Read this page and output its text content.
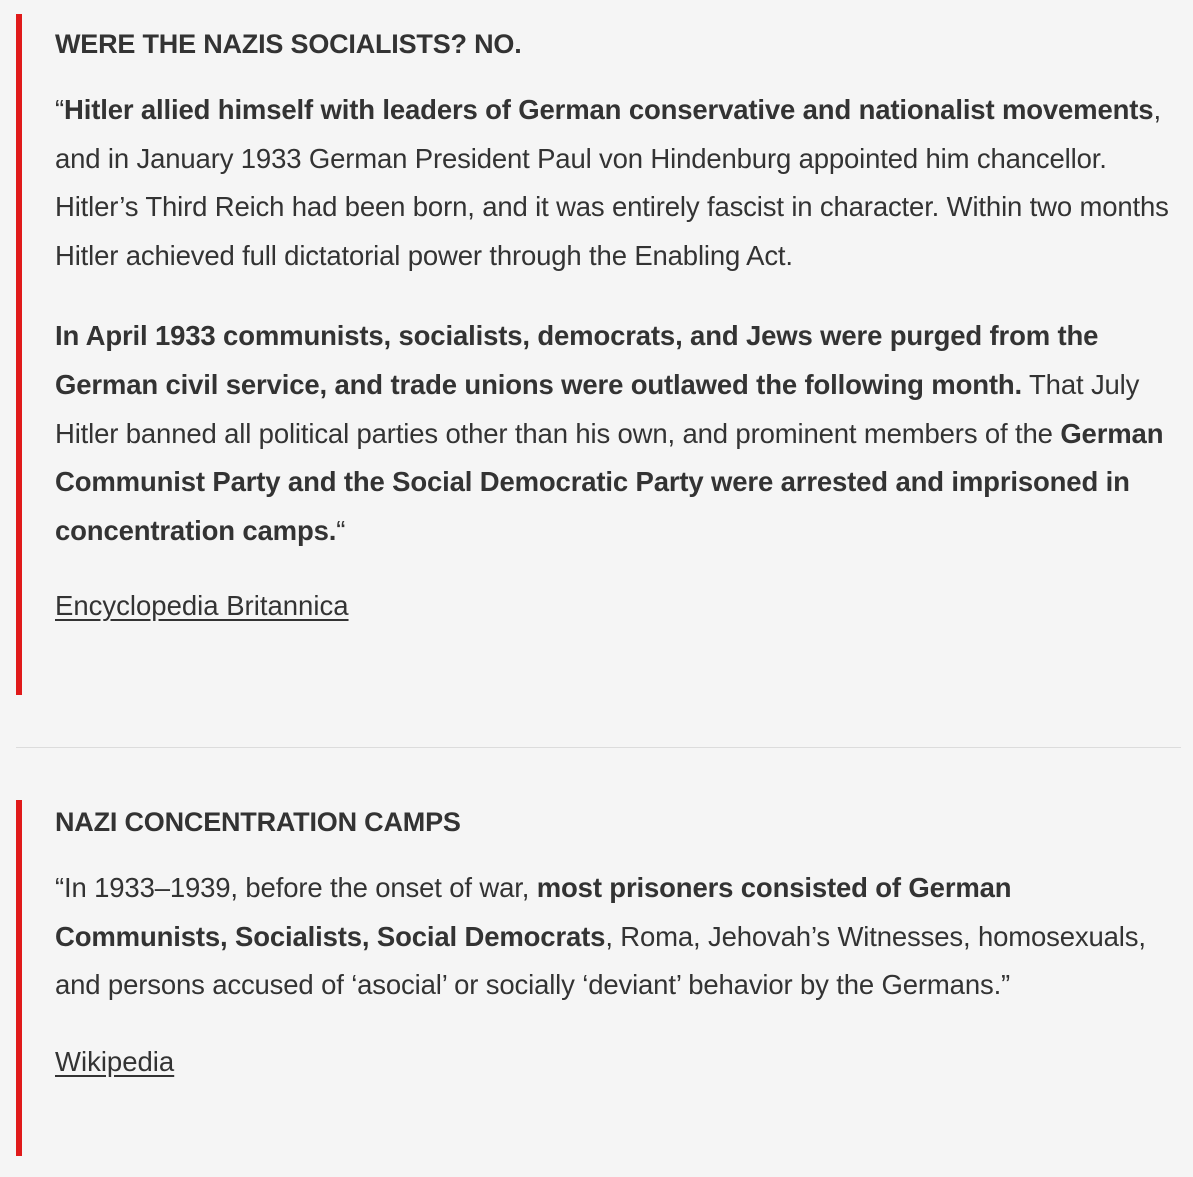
WERE THE NAZIS SOCIALISTS? NO.

“Hitler allied himself with leaders of German conservative and nationalist movements, and in January 1933 German President Paul von Hindenburg appointed him chancellor. Hitler’s Third Reich had been born, and it was entirely fascist in character. Within two months Hitler achieved full dictatorial power through the Enabling Act.

In April 1933 communists, socialists, democrats, and Jews were purged from the German civil service, and trade unions were outlawed the following month. That July Hitler banned all political parties other than his own, and prominent members of the German Communist Party and the Social Democratic Party were arrested and imprisoned in concentration camps.“

Encyclopedia Britannica
NAZI CONCENTRATION CAMPS

“In 1933–1939, before the onset of war, most prisoners consisted of German Communists, Socialists, Social Democrats, Roma, Jehovah’s Witnesses, homosexuals, and persons accused of ‘asocial’ or socially ‘deviant’ behavior by the Germans.”

Wikipedia
